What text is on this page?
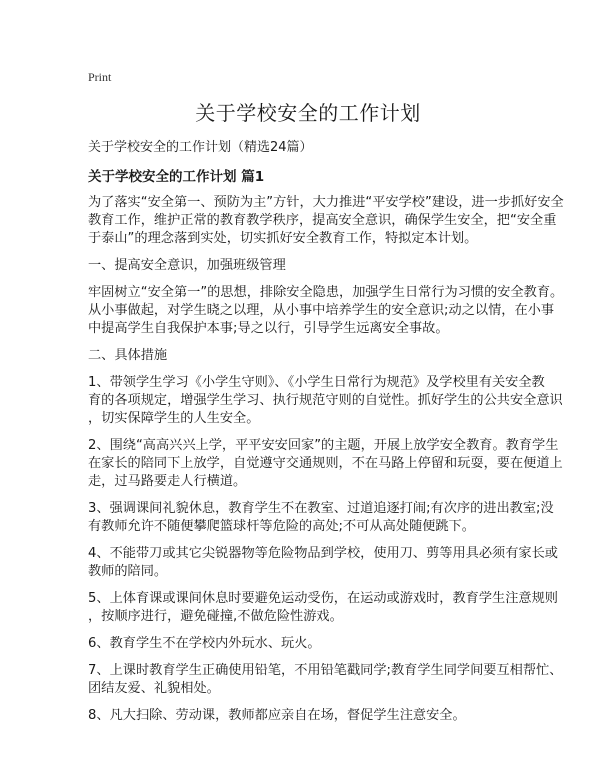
Print
关于学校安全的工作计划
关于学校安全的工作计划（精选24篇）
关于学校安全的工作计划 篇1
为了落实“安全第一、预防为主”方针，大力推进“平安学校”建设，进一步抓好安全
教育工作，维护正常的教育教学秩序，提高安全意识，确保学生安全，把“安全重
于泰山”的理念落到实处，切实抓好安全教育工作，特拟定本计划。
一、提高安全意识，加强班级管理
牢固树立“安全第一”的思想，排除安全隐患，加强学生日常行为习惯的安全教育。
从小事做起，对学生晓之以理，从小事中培养学生的安全意识;动之以情，在小事
中提高学生自我保护本事;导之以行，引导学生远离安全事故。
二、具体措施
1、带领学生学习《小学生守则》、《小学生日常行为规范》及学校里有关安全教
育的各项规定，增强学生学习、执行规范守则的自觉性。抓好学生的公共安全意识
，切实保障学生的人生安全。
2、围绕“高高兴兴上学，平平安安回家”的主题，开展上放学安全教育。教育学生
在家长的陪同下上放学，自觉遵守交通规则，不在马路上停留和玩耍，要在便道上
走，过马路要走人行横道。
3、强调课间礼貌休息，教育学生不在教室、过道追逐打闹;有次序的进出教室;没
有教师允许不随便攀爬篮球杆等危险的高处;不可从高处随便跳下。
4、不能带刀或其它尖锐器物等危险物品到学校，使用刀、剪等用具必须有家长或
教师的陪同。
5、上体育课或课间休息时要避免运动受伤，在运动或游戏时，教育学生注意规则
，按顺序进行，避免碰撞,不做危险性游戏。
6、教育学生不在学校内外玩水、玩火。
7、上课时教育学生正确使用铅笔，不用铅笔戳同学;教育学生同学间要互相帮忙、
团结友爱、礼貌相处。
8、凡大扫除、劳动课，教师都应亲自在场，督促学生注意安全。
